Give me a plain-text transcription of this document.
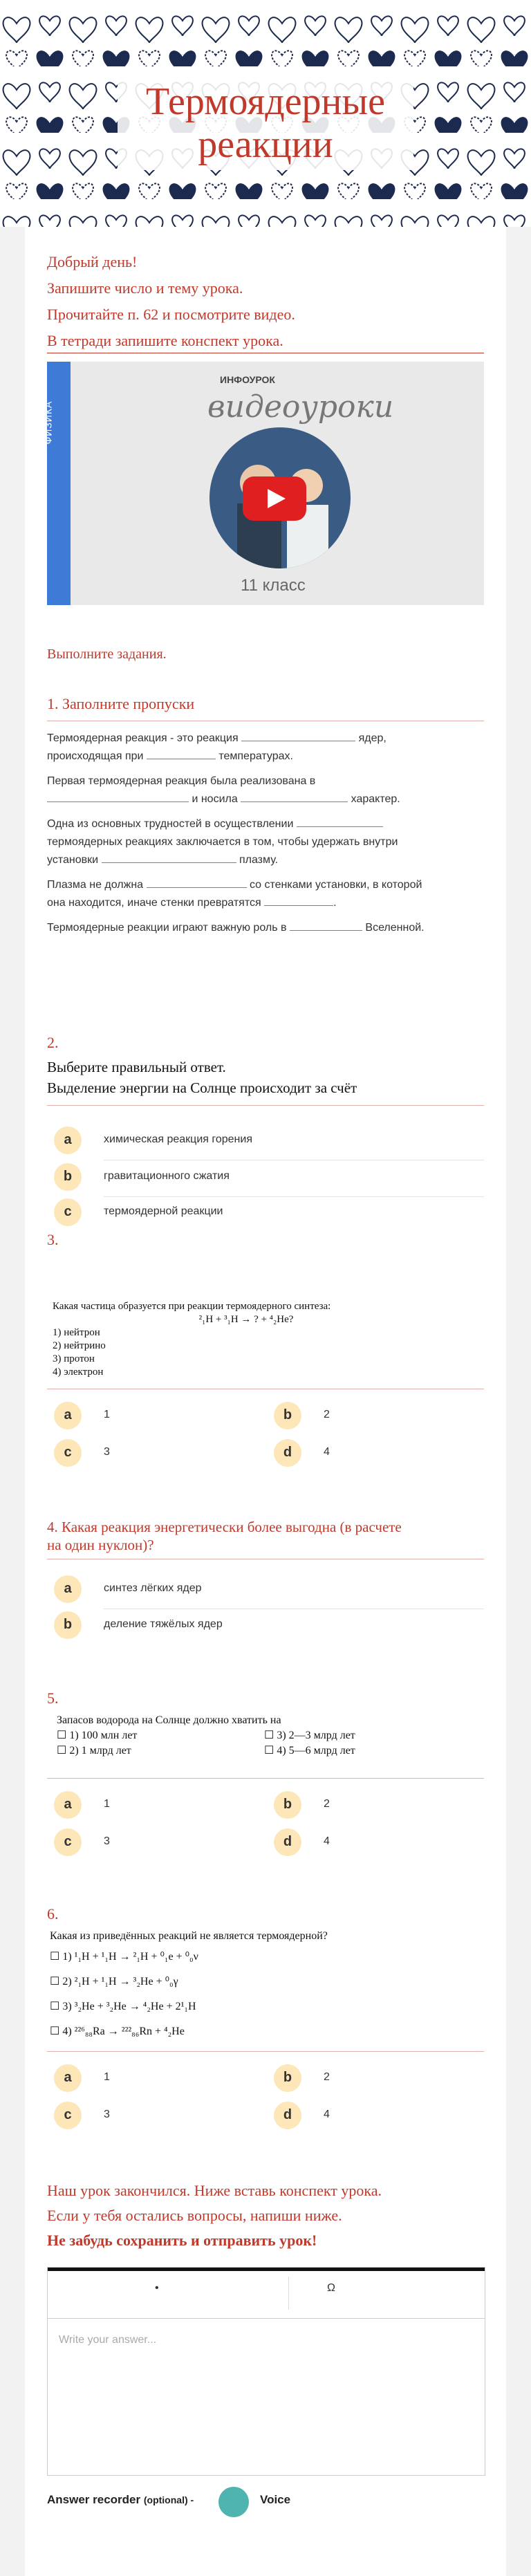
Термоядерные
реакции

Добрый день!

Запишите число и тему урока.

Прочитайте п. 62 и посмотрите видео.

В тетради запишите конспект урока.

ФИЗИКА
ИНФОУРОК
видеоуроки
11 класс
Выполните задания.
1. Заполните пропуски

Термоядерная реакция - это реакция	ядер,

происходящая при	температурах.

Первая термоядерная реакция была реализована в

и носила	характер.

Одна из основных трудностей в осуществлении

термоядерных реакциях заключается в том, чтобы удержать внутри

установки	плазму.

Плазма не должна	со стенками установки, в которой

она находится, иначе стенки превратятся	.

Термоядерные реакции играют важную роль в	Вселенной.

2.
Выберите правильный ответ.
Выделение энергии на Солнце происходит за счёт
a	химическая реакция горения
b	гравитационного сжатия
c	термоядерной реакции
3.
Какая частица образуется при реакции термоядерного синтеза:
²₁H + ³₁H → ? + ⁴₂He?
1) нейтрон
2) нейтрино
3) протон
4) электрон
a	1	b	2
c	3	d	4
4. Какая реакция энергетически более выгодна (в расчете
на один нуклон)?
a	синтез лёгких ядер
b	деление тяжёлых ядер
5.
Запасов водорода на Солнце должно хватить на
☐ 1) 100 млн лет	☐ 3) 2—3 млрд лет
☐ 2) 1 млрд лет	☐ 4) 5—6 млрд лет
a	1	b	2
c	3	d	4
6.
Какая из приведённых реакций не является термоядерной?
☐ 1) ¹₁H + ¹₁H → ²₁H + ⁰₁e + ⁰₀ν
☐ 2) ²₁H + ¹₁H → ³₂He + ⁰₀γ
☐ 3) ³₂He + ³₂He → ⁴₂He + 2¹₁H
☐ 4) ²²⁶₈₈Ra → ²²²₈₆Rn + ⁴₂He
a	1	b	2
c	3	d	4

Наш урок закончился. Ниже вставь конспект урока.

Если у тебя остались вопросы, напиши ниже.

Не забудь сохранить и отправить урок!

•	Ω
Write your answer...
Answer recorder (optional) -	Voice
